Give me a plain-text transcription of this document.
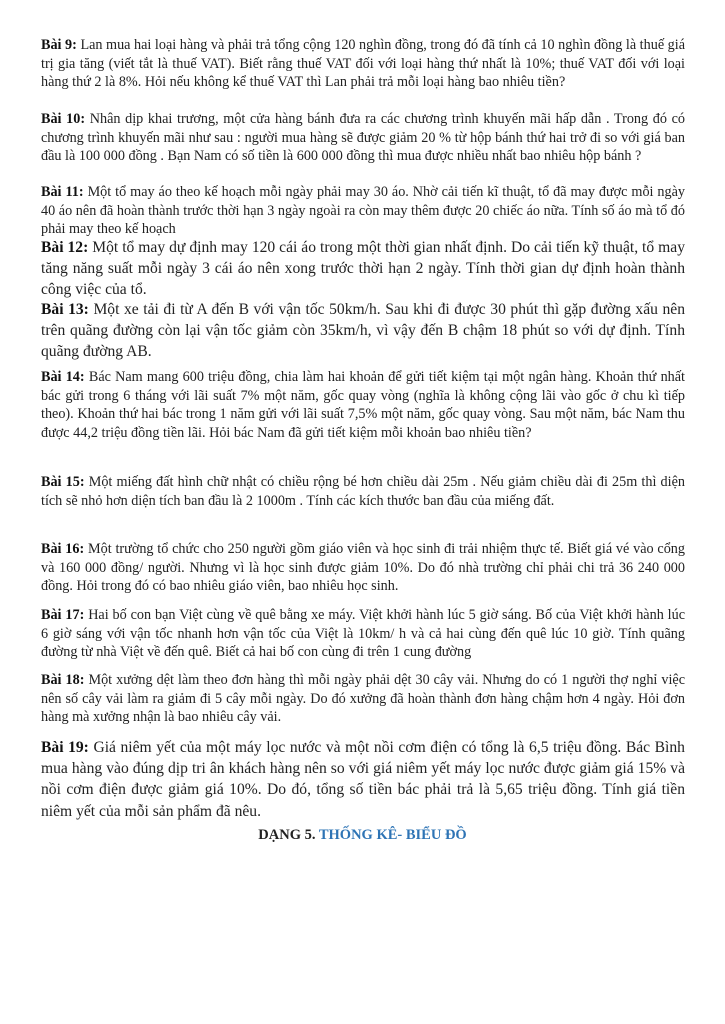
Bài 9: Lan mua hai loại hàng và phải trả tổng cộng 120 nghìn đồng, trong đó đã tính cả 10 nghìn đồng là thuế giá trị gia tăng (viết tắt là thuế VAT). Biết rằng thuế VAT đối với loại hàng thứ nhất là 10%; thuế VAT đối với loại hàng thứ 2 là 8%. Hỏi nếu không kể thuế VAT thì Lan phải trả mỗi loại hàng bao nhiêu tiền?

Bài 10: Nhân dịp khai trương, một cửa hàng bánh đưa ra các chương trình khuyến mãi hấp dẫn . Trong đó có chương trình khuyến mãi như sau : người mua hàng sẽ được giảm 20 % từ hộp bánh thứ hai trở đi so với giá ban đầu là 100 000 đồng . Bạn Nam có số tiền là 600 000 đồng thì mua được nhiều nhất bao nhiêu hộp bánh ?

Bài 11: Một tổ may áo theo kế hoạch mỗi ngày phải may 30 áo. Nhờ cải tiến kĩ thuật, tổ đã may được mỗi ngày 40 áo nên đã hoàn thành trước thời hạn 3 ngày ngoài ra còn may thêm được 20 chiếc áo nữa. Tính số áo mà tổ đó phải may theo kế hoạch

Bài 12: Một tổ may dự định may 120 cái áo trong một thời gian nhất định. Do cải tiến kỹ thuật, tổ may tăng năng suất mỗi ngày 3 cái áo nên xong trước thời hạn 2 ngày. Tính thời gian dự định hoàn thành công việc của tổ.

Bài 13: Một xe tải đi từ A đến B với vận tốc 50km/h. Sau khi đi được 30 phút thì gặp đường xấu nên trên quãng đường còn lại vận tốc giảm còn 35km/h, vì vậy đến B chậm 18 phút so với dự định. Tính quãng đường AB.

Bài 14: Bác Nam mang 600 triệu đồng, chia làm hai khoản để gửi tiết kiệm tại một ngân hàng. Khoản thứ nhất bác gửi trong 6 tháng với lãi suất 7% một năm, gốc quay vòng (nghĩa là không cộng lãi vào gốc ở chu kì tiếp theo). Khoản thứ hai bác trong 1 năm gửi với lãi suất 7,5% một năm, gốc quay vòng. Sau một năm, bác Nam thu được 44,2 triệu đồng tiền lãi. Hỏi bác Nam đã gửi tiết kiệm mỗi khoản bao nhiêu tiền?

Bài 15: Một miếng đất hình chữ nhật có chiều rộng bé hơn chiều dài 25m . Nếu giảm chiều dài đi 25m thì diện tích sẽ nhỏ hơn diện tích ban đầu là 2 1000m . Tính các kích thước ban đầu của miếng đất.

Bài 16: Một trường tổ chức cho 250 người gồm giáo viên và học sinh đi trải nhiệm thực tế. Biết giá vé vào cổng và 160 000 đồng/ người. Nhưng vì là học sinh được giảm 10%. Do đó nhà trường chỉ phải chi trả 36 240 000 đồng. Hỏi trong đó có bao nhiêu giáo viên, bao nhiêu học sinh.

Bài 17: Hai bố con bạn Việt cùng về quê bằng xe máy. Việt khởi hành lúc 5 giờ sáng. Bố của Việt khởi hành lúc 6 giờ sáng với vận tốc nhanh hơn vận tốc của Việt là 10km/ h và cả hai cùng đến quê lúc 10 giờ. Tính quãng đường từ nhà Việt về đến quê. Biết cả hai bố con cùng đi trên 1 cung đường

Bài 18: Một xưởng dệt làm theo đơn hàng thì mỗi ngày phải dệt 30 cây vải. Nhưng do có 1 người thợ nghỉ việc nên số cây vải làm ra giảm đi 5 cây mỗi ngày. Do đó xưởng đã hoàn thành đơn hàng chậm hơn 4 ngày. Hỏi đơn hàng mà xưởng nhận là bao nhiêu cây vải.

Bài 19: Giá niêm yết của một máy lọc nước và một nồi cơm điện có tổng là 6,5 triệu đồng. Bác Bình mua hàng vào đúng dịp tri ân khách hàng nên so với giá niêm yết máy lọc nước được giảm giá 15% và nồi cơm điện được giảm giá 10%. Do đó, tổng số tiền bác phải trả là 5,65 triệu đồng. Tính giá tiền niêm yết của mỗi sản phẩm đã nêu.

DẠNG 5. THỐNG KÊ- BIỂU ĐỒ
